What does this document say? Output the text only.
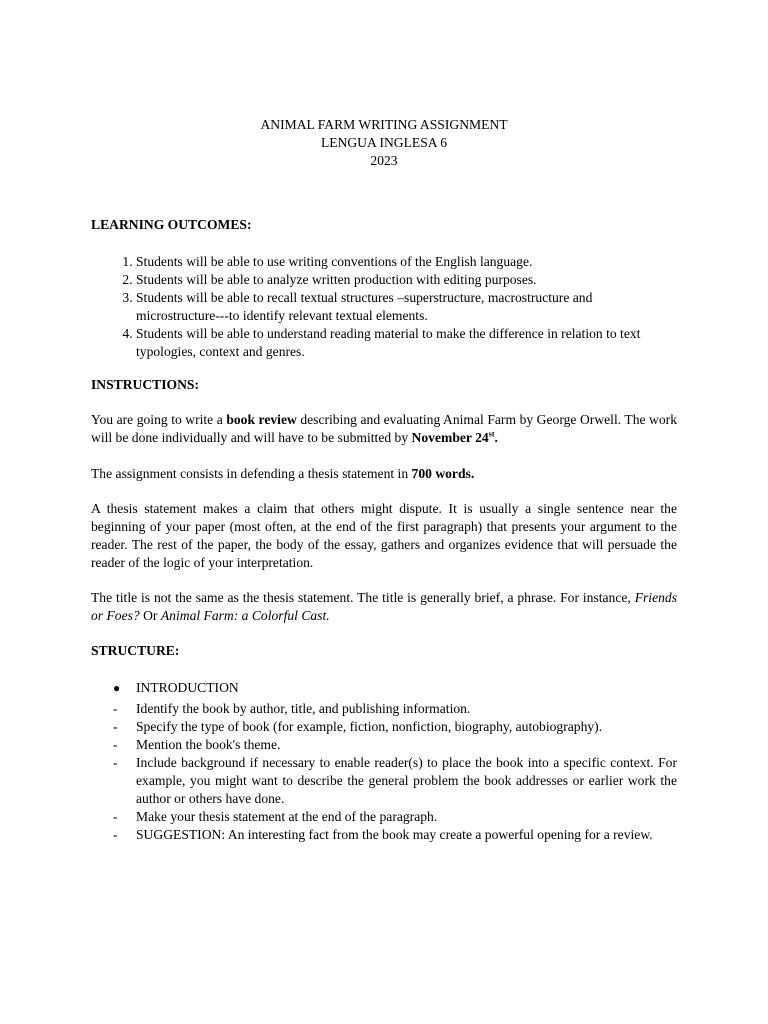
ANIMAL FARM WRITING ASSIGNMENT
LENGUA INGLESA 6
2023
LEARNING OUTCOMES:
1. Students will be able to use writing conventions of the English language.
2. Students will be able to analyze written production with editing purposes.
3. Students will be able to recall textual structures –superstructure, macrostructure and microstructure---to identify relevant textual elements.
4. Students will be able to understand reading material to make the difference in relation to text typologies, context and genres.
INSTRUCTIONS:

You are going to write a book review describing and evaluating Animal Farm by George Orwell. The work will be done individually and will have to be submitted by November 24st.

The assignment consists in defending a thesis statement in 700 words.

A thesis statement makes a claim that others might dispute. It is usually a single sentence near the beginning of your paper (most often, at the end of the first paragraph) that presents your argument to the reader. The rest of the paper, the body of the essay, gathers and organizes evidence that will persuade the reader of the logic of your interpretation.

The title is not the same as the thesis statement. The title is generally brief, a phrase. For instance, Friends or Foes? Or Animal Farm: a Colorful Cast.

STRUCTURE:
● INTRODUCTION
- Identify the book by author, title, and publishing information.
- Specify the type of book (for example, fiction, nonfiction, biography, autobiography).
- Mention the book's theme.
- Include background if necessary to enable reader(s) to place the book into a specific context. For example, you might want to describe the general problem the book addresses or earlier work the author or others have done.
- Make your thesis statement at the end of the paragraph.
- SUGGESTION: An interesting fact from the book may create a powerful opening for a review.
